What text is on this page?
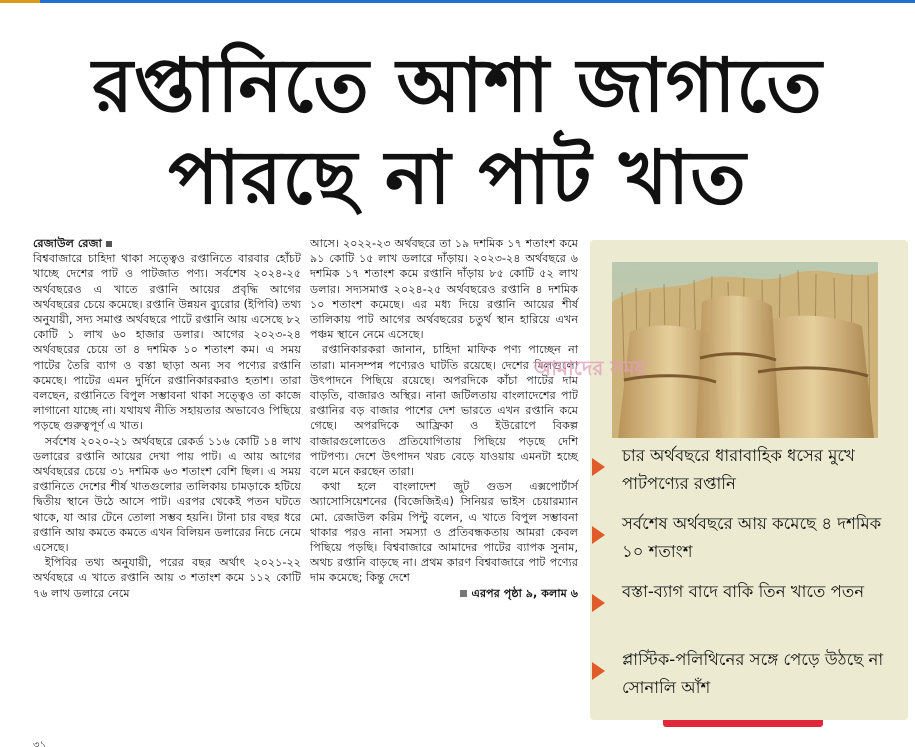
রপ্তানিতে আশা জাগাতে
পারছে না পাট খাত
রেজাউল রেজা

বিশ্ববাজারে চাহিদা থাকা সত্ত্বেও রপ্তানিতে বারবার হোঁচট খাচ্ছে দেশের পাট ও পাটজাত পণ্য। সর্বশেষ ২০২৪-২৫ অর্থবছরেও এ খাতে রপ্তানি আয়ের প্রবৃদ্ধি আগের অর্থবছরের চেয়ে কমেছে। রপ্তানি উন্নয়ন ব্যুরোর (ইপিবি) তথ্য অনুযায়ী, সদ্য সমাপ্ত অর্থবছরে পাটে রপ্তানি আয় এসেছে ৮২ কোটি ১ লাখ ৬০ হাজার ডলার। আগের ২০২৩-২৪ অর্থবছরের চেয়ে তা ৪ দশমিক ১০ শতাংশ কম। এ সময় পাটের তৈরি ব্যাগ ও বস্তা ছাড়া অন্য সব পণ্যের রপ্তানি কমেছে। পাটের এমন দুর্দিনে রপ্তানিকারকরাও হতাশ। তারা বলছেন, রপ্তানিতে বিপুল সম্ভাবনা থাকা সত্ত্বেও তা কাজে লাগানো যাচ্ছে না। যথাযথ নীতি সহায়তার অভাবেও পিছিয়ে পড়ছে গুরুত্বপূর্ণ এ খাত।

সর্বশেষ ২০২০-২১ অর্থবছরে রেকর্ড ১১৬ কোটি ১৪ লাখ ডলারের রপ্তানি আয়ের দেখা পায় পাট। এ আয় আগের অর্থবছরের চেয়ে ৩১ দশমিক ৬৩ শতাংশ বেশি ছিল। এ সময় রপ্তানিতে দেশের শীর্ষ খাতগুলোর তালিকায় চামড়াকে হটিয়ে দ্বিতীয় স্থানে উঠে আসে পাট। এরপর থেকেই পতন ঘটতে থাকে, যা আর টেনে তোলা সম্ভব হয়নি। টানা চার বছর ধরে রপ্তানি আয় কমতে কমতে এখন বিলিয়ন ডলারের নিচে নেমে এসেছে।

ইপিবির তথ্য অনুযায়ী, পরের বছর অর্থাৎ ২০২১-২২ অর্থবছরে এ খাতে রপ্তানি আয় ৩ শতাংশ কমে ১১২ কোটি ৭৬ লাখ ডলারে নেমে

আসে। ২০২২-২৩ অর্থবছরে তা ১৯ দশমিক ১৭ শতাংশ কমে ৯১ কোটি ১৫ লাখ ডলারে দাঁড়ায়। ২০২৩-২৪ অর্থবছরে ৬ দশমিক ১৭ শতাংশ কমে রপ্তানি দাঁড়ায় ৮৫ কোটি ৫২ লাখ ডলার। সদ্যসমাপ্ত ২০২৪-২৫ অর্থবছরেও রপ্তানি ৪ দশমিক ১০ শতাংশ কমেছে। এর মধ্য দিয়ে রপ্তানি আয়ের শীর্ষ তালিকায় পাট আগের অর্থবছরের চতুর্থ স্থান হারিয়ে এখন পঞ্চম স্থানে নেমে এসেছে।

রপ্তানিকারকরা জানান, চাহিদা মাফিক পণ্য পাচ্ছেন না তারা। মানসম্পন্ন পণ্যেরও ঘাটতি রয়েছে। দেশের মিলগুলো উৎপাদনে পিছিয়ে রয়েছে। অপরদিকে কাঁচা পাটের দাম বাড়তি, বাজারও অস্থির। নানা জটিলতায় বাংলাদেশের পাট রপ্তানির বড় বাজার পাশের দেশ ভারতে এখন রপ্তানি কমে গেছে। অপরদিকে আফ্রিকা ও ইউরোপে বিকল্প বাজারগুলোতেও প্রতিযোগিতায় পিছিয়ে পড়ছে দেশি পাটপণ্য। দেশে উৎপাদন খরচ বেড়ে যাওয়ায় এমনটা হচ্ছে বলে মনে করছেন তারা।

কথা হলে বাংলাদেশ জুট গুডস এক্সপোর্টার্স অ্যাসোসিয়েশনের (বিজেজিইএ) সিনিয়র ভাইস চেয়ারম্যান মো. রেজাউল করিম পিন্টু বলেন, এ খাতে বিপুল সম্ভাবনা থাকার পরও নানা সমস্যা ও প্রতিবন্ধকতায় আমরা কেবল পিছিয়ে পড়ছি। বিশ্ববাজারে আমাদের পাটের ব্যাপক সুনাম, অথচ রপ্তানি বাড়ছে না। প্রথম কারণ বিশ্ববাজারে পাট পণ্যের দাম কমেছে; কিন্তু দেশে

এরপর পৃষ্ঠা ৯, কলাম ৬
৩১
আমাদের সময়
চার অর্থবছরে ধারাবাহিক ধসের মুখে পাটপণ্যের রপ্তানি
সর্বশেষ অর্থবছরে আয় কমেছে ৪ দশমিক ১০ শতাংশ
বস্তা-ব্যাগ বাদে বাকি তিন খাতে পতন
প্লাস্টিক-পলিথিনের সঙ্গে পেড়ে উঠছে না সোনালি আঁশ
